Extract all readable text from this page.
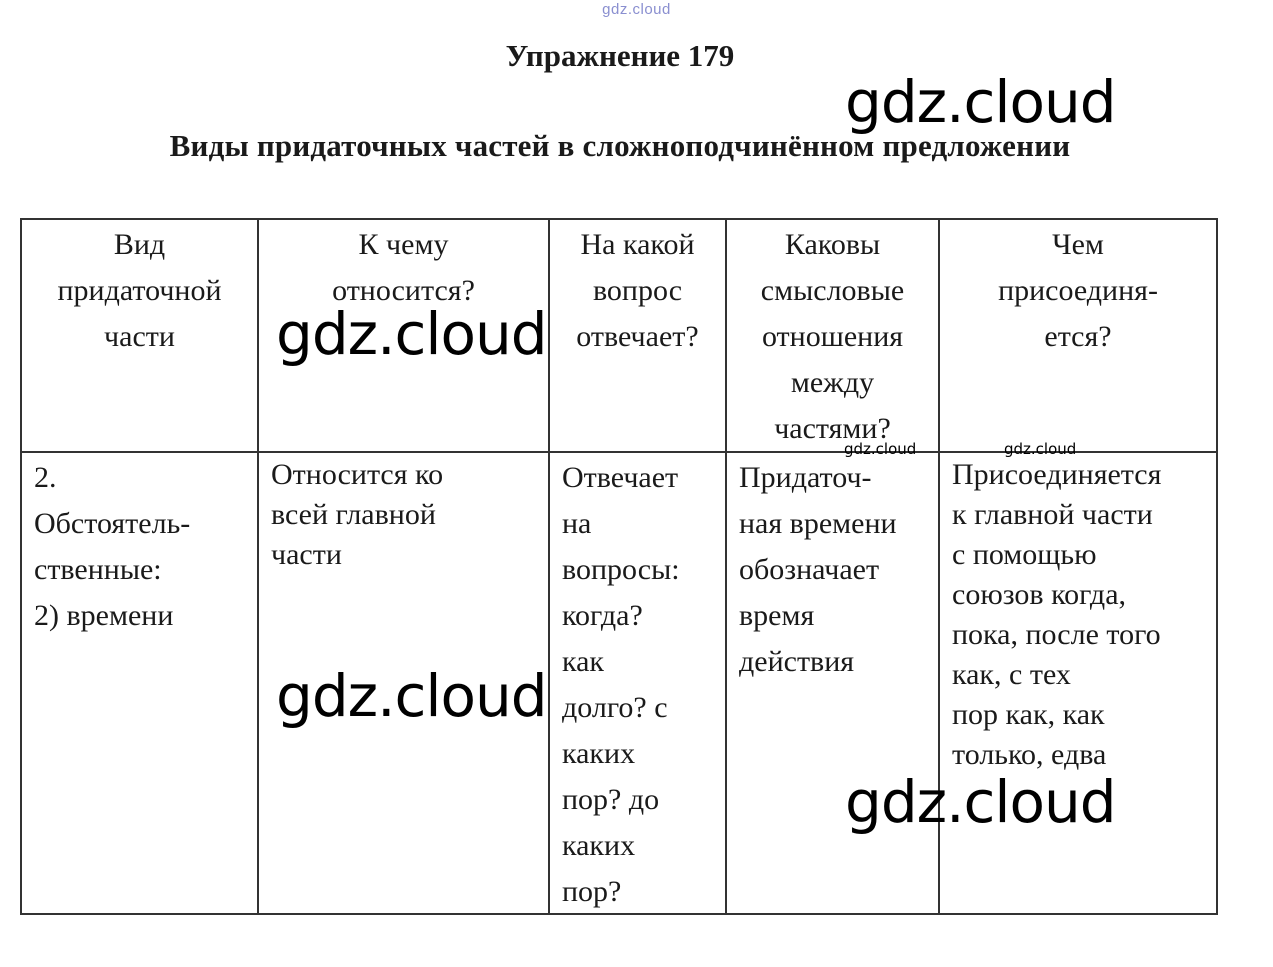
gdz.cloud
Упражнение 179
Виды придаточных частей в сложноподчинённом предложении
Вид
придаточной
части
К чему
относится?
На какой
вопрос
отвечает?
Каковы
смысловые
отношения
между
частями?
Чем
присоединя-
ется?
2.
Обстоятель-
ственные:
2) времени
Относится ко
всей главной
части
Отвечает
на
вопросы:
когда?
как
долго? с
каких
пор? до
каких
пор?
Придаточ-
ная времени
обозначает
время
действия
Присоединяется
к главной части
с помощью
союзов когда,
пока, после того
как, с тех
пор как, как
только, едва
gdz.cloud
gdz.cloud
gdz.cloud
gdz.cloud
gdz.cloud	gdz.cloud
